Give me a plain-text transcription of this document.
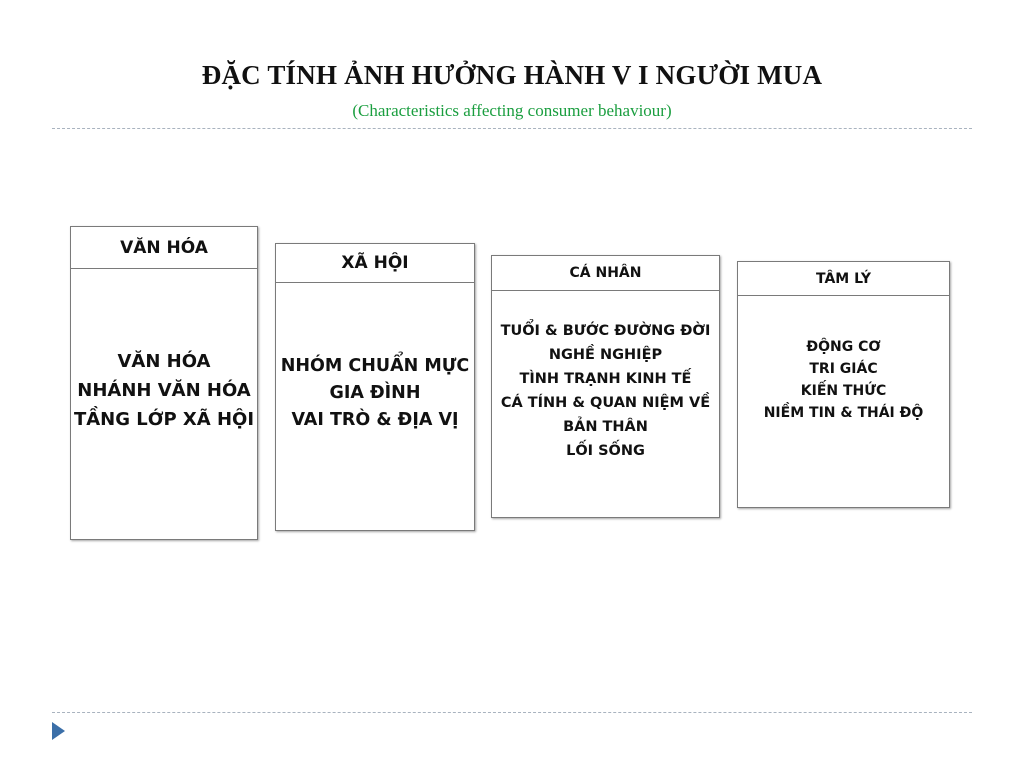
ĐẶC TÍNH ẢNH HƯỞNG HÀNH V I NGƯỜI MUA

(Characteristics affecting consumer behaviour)

VĂN HÓA
VĂN HÓA
NHÁNH VĂN HÓA
TẦNG LỚP XÃ HỘI
XÃ HỘI
NHÓM CHUẨN MỰC
GIA ĐÌNH
VAI TRÒ & ĐỊA VỊ
CÁ NHÂN
TUỔI & BƯỚC ĐƯỜNG ĐỜI
NGHỀ NGHIỆP
TÌNH TRẠNH KINH TẾ
CÁ TÍNH & QUAN NIỆM VỀ
BẢN THÂN
LỐI SỐNG
TÂM LÝ
ĐỘNG CƠ
TRI GIÁC
KIẾN THỨC
NIỀM TIN & THÁI ĐỘ
